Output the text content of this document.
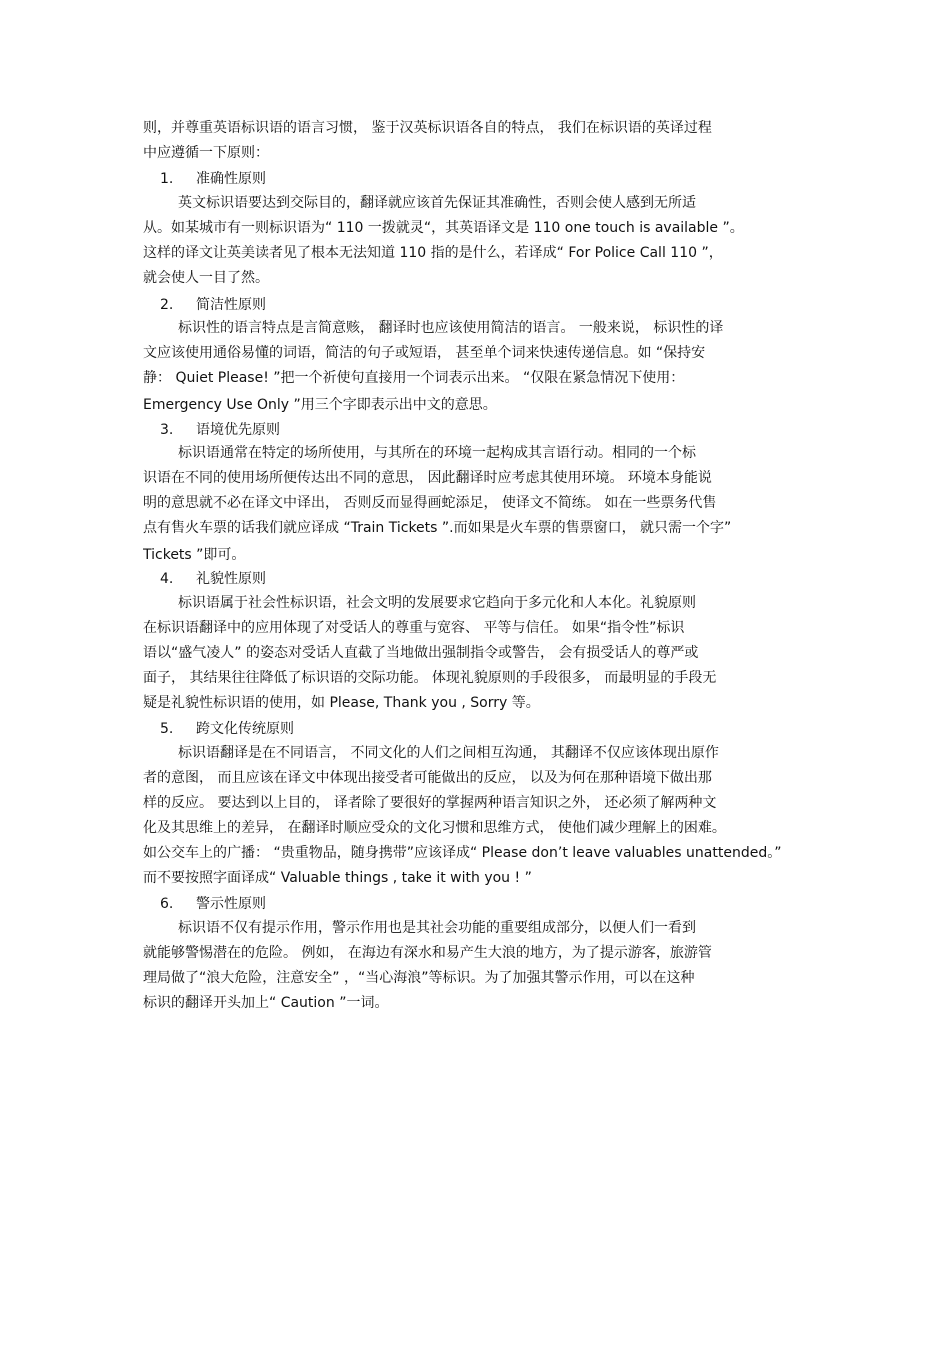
则，并尊重英语标识语的语言习惯， 鉴于汉英标识语各自的特点， 我们在标识语的英译过程
中应遵循一下原则：
1. 准确性原则
英文标识语要达到交际目的，翻译就应该首先保证其准确性，否则会使人感到无所适
从。如某城市有一则标识语为“ 110 一拨就灵“，其英语译文是 110 one touch is available ”。
这样的译文让英美读者见了根本无法知道 110 指的是什么，若译成“ For Police Call 110 ”，
就会使人一目了然。
2. 简洁性原则
标识性的语言特点是言简意赅， 翻译时也应该使用简洁的语言。 一般来说， 标识性的译
文应该使用通俗易懂的词语，简洁的句子或短语， 甚至单个词来快速传递信息。如 “保持安
静： Quiet Please! ”把一个祈使句直接用一个词表示出来。 “仅限在紧急情况下使用：
Emergency Use Only ”用三个字即表示出中文的意思。
3. 语境优先原则
标识语通常在特定的场所使用，与其所在的环境一起构成其言语行动。相同的一个标
识语在不同的使用场所便传达出不同的意思， 因此翻译时应考虑其使用环境。 环境本身能说
明的意思就不必在译文中译出， 否则反而显得画蛇添足， 使译文不简练。 如在一些票务代售
点有售火车票的话我们就应译成 “Train Tickets ”.而如果是火车票的售票窗口， 就只需一个字”
Tickets ”即可。
4. 礼貌性原则
标识语属于社会性标识语，社会文明的发展要求它趋向于多元化和人本化。礼貌原则
在标识语翻译中的应用体现了对受话人的尊重与宽容、 平等与信任。 如果“指令性”标识
语以“盛气凌人” 的姿态对受话人直截了当地做出强制指令或警告， 会有损受话人的尊严或
面子， 其结果往往降低了标识语的交际功能。 体现礼貌原则的手段很多， 而最明显的手段无
疑是礼貌性标识语的使用，如 Please, Thank you , Sorry 等。
5. 跨文化传统原则
标识语翻译是在不同语言， 不同文化的人们之间相互沟通， 其翻译不仅应该体现出原作
者的意图， 而且应该在译文中体现出接受者可能做出的反应， 以及为何在那种语境下做出那
样的反应。 要达到以上目的， 译者除了要很好的掌握两种语言知识之外， 还必须了解两种文
化及其思维上的差异， 在翻译时顺应受众的文化习惯和思维方式， 使他们减少理解上的困难。
如公交车上的广播： “贵重物品，随身携带”应该译成“ Please don’t leave valuables unattended。”
而不要按照字面译成“ Valuable things , take it with you ! ”
6. 警示性原则
标识语不仅有提示作用，警示作用也是其社会功能的重要组成部分，以便人们一看到
就能够警惕潜在的危险。 例如， 在海边有深水和易产生大浪的地方，为了提示游客，旅游管
理局做了“浪大危险，注意安全” ，“当心海浪”等标识。为了加强其警示作用，可以在这种
标识的翻译开头加上“ Caution ”一词。
